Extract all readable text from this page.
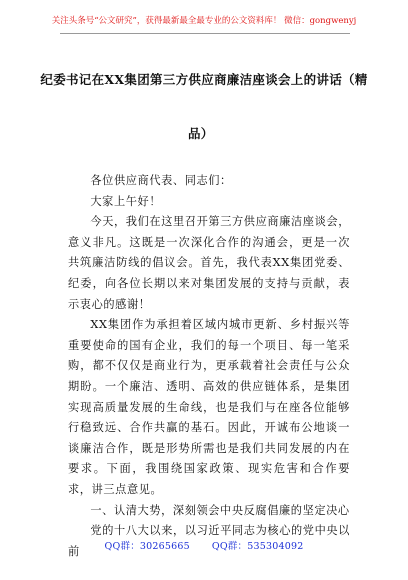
关注头条号“公文研究”，获得最新最全最专业的公文资料库！ 微信：gongwenyj
纪委书记在XX集团第三方供应商廉洁座谈会上的讲话（精
品）

各位供应商代表、同志们：

大家上午好！

今天，我们在这里召开第三方供应商廉洁座谈会，意义非凡。这既是一次深化合作的沟通会，更是一次共筑廉洁防线的倡议会。首先，我代表XX集团党委、纪委，向各位长期以来对集团发展的支持与贡献，表示衷心的感谢！

XX集团作为承担着区域内城市更新、乡村振兴等重要使命的国有企业，我们的每一个项目、每一笔采购，都不仅仅是商业行为，更承载着社会责任与公众期盼。一个廉洁、透明、高效的供应链体系，是集团实现高质量发展的生命线，也是我们与在座各位能够行稳致远、合作共赢的基石。因此，开诚布公地谈一谈廉洁合作，既是形势所需也是我们共同发展的内在要求。下面，我围绕国家政策、现实危害和合作要求，讲三点意见。

一、认清大势，深刻领会中央反腐倡廉的坚定决心

党的十八大以来，以习近平同志为核心的党中央以前	QQ群：30265665 QQ群：535304092
